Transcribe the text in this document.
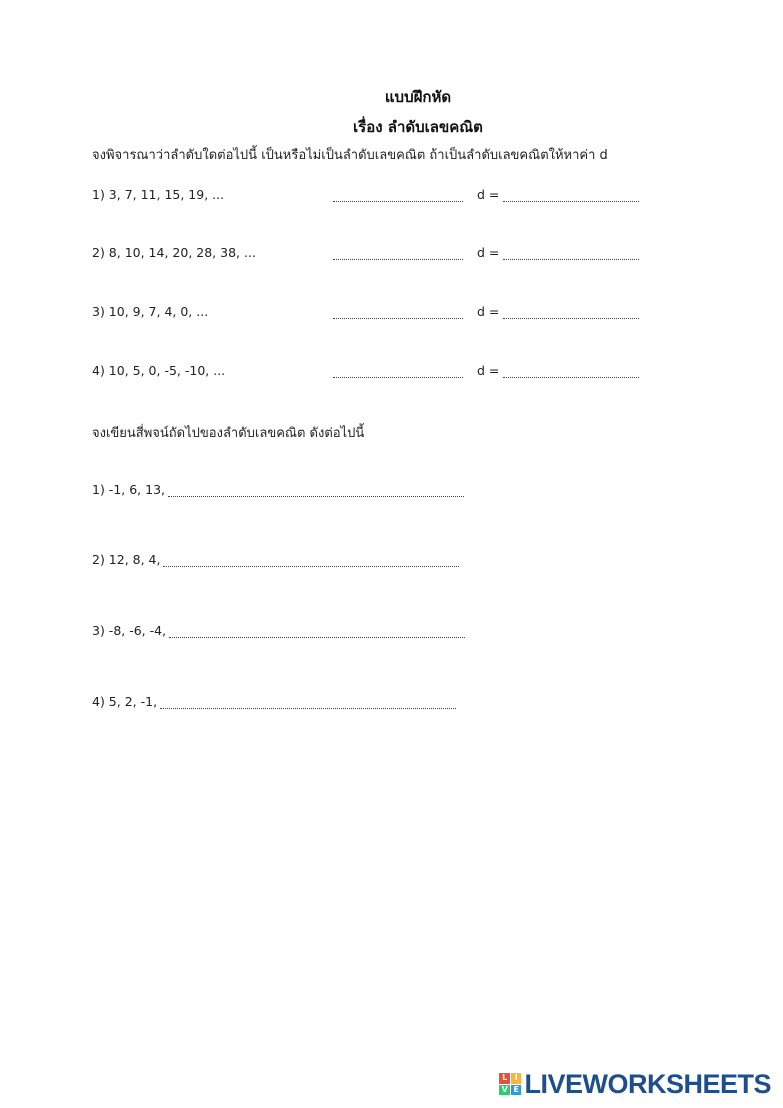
แบบฝึกหัด
เรื่อง ลำดับเลขคณิต
จงพิจารณาว่าลำดับใดต่อไปนี้ เป็นหรือไม่เป็นลำดับเลขคณิต ถ้าเป็นลำดับเลขคณิตให้หาค่า d
1) 3, 7, 11, 15, 19, ...	d =
2) 8, 10, 14, 20, 28, 38, ...	d =
3) 10, 9, 7, 4, 0, ...	d =
4) 10, 5, 0, -5, -10, ...	d =
จงเขียนสี่พจน์ถัดไปของลำดับเลขคณิต ดังต่อไปนี้
1) -1, 6, 13,
2) 12, 8, 4,
3) -8, -6, -4,
4) 5, 2, -1,
L I
V E LIVEWORKSHEETS
